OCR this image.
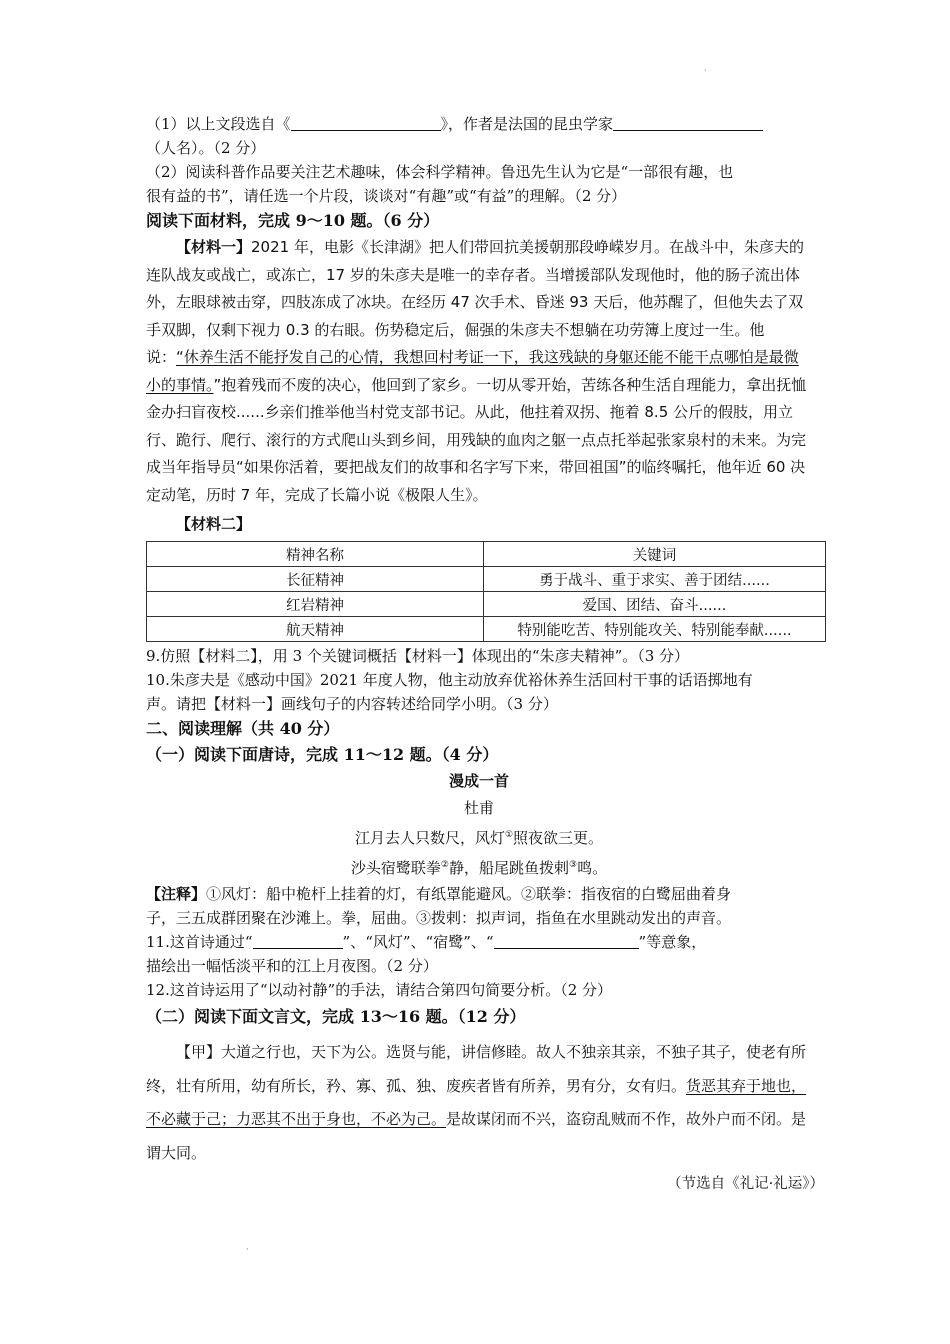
·
·

（1）以上文段选自《	》，作者是法国的昆虫学家

（人名）。（2 分）

（2）阅读科普作品要关注艺术趣味，体会科学精神。鲁迅先生认为它是“一部很有趣，也

很有益的书”，请任选一个片段，谈谈对“有趣”或“有益”的理解。（2 分）

阅读下面材料，完成 9～10 题。（6 分）

【材料一】2021 年，电影《长津湖》把人们带回抗美援朝那段峥嵘岁月。在战斗中，朱彦夫的连队战友或战亡，或冻亡，17 岁的朱彦夫是唯一的幸存者。当增援部队发现他时，他的肠子流出体外，左眼球被击穿，四肢冻成了冰块。在经历 47 次手术、昏迷 93 天后，他苏醒了，但他失去了双手双脚，仅剩下视力 0.3 的右眼。伤势稳定后，倔强的朱彦夫不想躺在功劳簿上度过一生。他说：“休养生活不能抒发自己的心情，我想回村考证一下，我这残缺的身躯还能不能干点哪怕是最微小的事情。”抱着残而不废的决心，他回到了家乡。一切从零开始，苦练各种生活自理能力，拿出抚恤金办扫盲夜校......乡亲们推举他当村党支部书记。从此，他拄着双拐、拖着 8.5 公斤的假肢，用立行、跪行、爬行、滚行的方式爬山头到乡间，用残缺的血肉之躯一点点托举起张家泉村的未来。为完成当年指导员“如果你活着，要把战友们的故事和名字写下来，带回祖国”的临终嘱托，他年近 60 决定动笔，历时 7 年，完成了长篇小说《极限人生》。

【材料二】

精神名称	关键词
长征精神	勇于战斗、重于求实、善于团结......
红岩精神	爱国、团结、奋斗......
航天精神	特别能吃苦、特别能攻关、特别能奉献......

9.仿照【材料二】，用 3 个关键词概括【材料一】体现出的“朱彦夫精神”。（3 分）

10.朱彦夫是《感动中国》2021 年度人物，他主动放弃优裕休养生活回村干事的话语掷地有

声。请把【材料一】画线句子的内容转述给同学小明。（3 分）

二、阅读理解（共 40 分）

（一）阅读下面唐诗，完成 11～12 题。（4 分）

漫成一首

杜甫

江月去人只数尺，风灯①照夜欲三更。

沙头宿鹭联拳②静，船尾跳鱼拨剌③鸣。

【注释】①风灯：船中桅杆上挂着的灯，有纸罩能避风。②联拳：指夜宿的白鹭屈曲着身

子，三五成群团聚在沙滩上。拳，屈曲。③拨剌：拟声词，指鱼在水里跳动发出的声音。

11.这首诗通过“	”、“风灯”、“宿鹭”、“	”等意象，

描绘出一幅恬淡平和的江上月夜图。（2 分）

12.这首诗运用了“以动衬静”的手法，请结合第四句简要分析。（2 分）

（二）阅读下面文言文，完成 13～16 题。（12 分）

【甲】大道之行也，天下为公。选贤与能，讲信修睦。故人不独亲其亲，不独子其子，使老有所终，壮有所用，幼有所长，矜、寡、孤、独、废疾者皆有所养，男有分，女有归。货恶其弃于地也，不必藏于己；力恶其不出于身也，不必为己。是故谋闭而不兴，盗窃乱贼而不作，故外户而不闭。是谓大同。

（节选自《礼记·礼运》）
